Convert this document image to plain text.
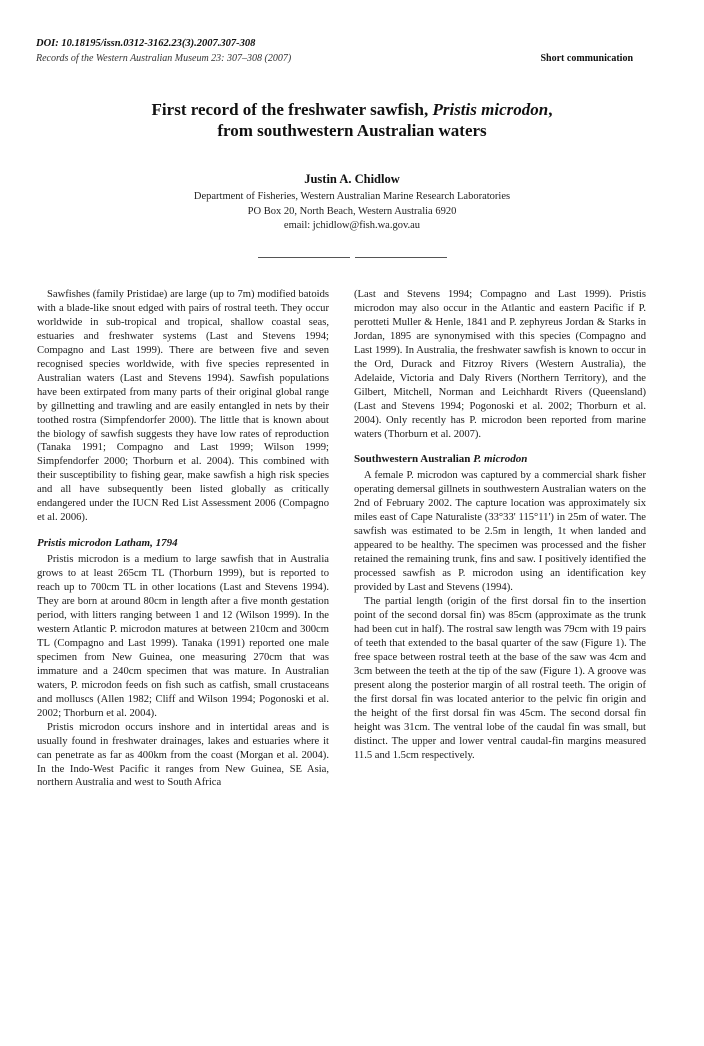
DOI: 10.18195/issn.0312-3162.23(3).2007.307-308
Records of the Western Australian Museum 23: 307–308 (2007)	Short communication
First record of the freshwater sawfish, Pristis microdon,
from southwestern Australian waters
Justin A. Chidlow
Department of Fisheries, Western Australian Marine Research Laboratories
PO Box 20, North Beach, Western Australia 6920
email: jchidlow@fish.wa.gov.au

Sawfishes (family Pristidae) are large (up to 7m) modified batoids with a blade-like snout edged with pairs of rostral teeth. They occur worldwide in sub-tropical and tropical, shallow coastal seas, estuaries and freshwater systems (Last and Stevens 1994; Compagno and Last 1999). There are between five and seven recognised species worldwide, with five species represented in Australian waters (Last and Stevens 1994). Sawfish populations have been extirpated from many parts of their original global range by gillnetting and trawling and are easily entangled in nets by their toothed rostra (Simpfendorfer 2000). The little that is known about the biology of sawfish suggests they have low rates of reproduction (Tanaka 1991; Compagno and Last 1999; Wilson 1999; Simpfendorfer 2000; Thorburn et al. 2004). This combined with their susceptibility to fishing gear, make sawfish a high risk species and all have subsequently been listed globally as critically endangered under the IUCN Red List Assessment 2006 (Compagno et al. 2006).

Pristis microdon Latham, 1794

Pristis microdon is a medium to large sawfish that in Australia grows to at least 265cm TL (Thorburn 1999), but is reported to reach up to 700cm TL in other locations (Last and Stevens 1994). They are born at around 80cm in length after a five month gestation period, with litters ranging between 1 and 12 (Wilson 1999). In the western Atlantic P. microdon matures at between 210cm and 300cm TL (Compagno and Last 1999). Tanaka (1991) reported one male specimen from New Guinea, one measuring 270cm that was immature and a 240cm specimen that was mature. In Australian waters, P. microdon feeds on fish such as catfish, small crustaceans and molluscs (Allen 1982; Cliff and Wilson 1994; Pogonoski et al. 2002; Thorburn et al. 2004).

Pristis microdon occurs inshore and in intertidal areas and is usually found in freshwater drainages, lakes and estuaries where it can penetrate as far as 400km from the coast (Morgan et al. 2004). In the Indo-West Pacific it ranges from New Guinea, SE Asia, northern Australia and west to South Africa

(Last and Stevens 1994; Compagno and Last 1999). Pristis microdon may also occur in the Atlantic and eastern Pacific if P. perotteti Muller & Henle, 1841 and P. zephyreus Jordan & Starks in Jordan, 1895 are synonymised with this species (Compagno and Last 1999). In Australia, the freshwater sawfish is known to occur in the Ord, Durack and Fitzroy Rivers (Western Australia), the Adelaide, Victoria and Daly Rivers (Northern Territory), and the Gilbert, Mitchell, Norman and Leichhardt Rivers (Queensland) (Last and Stevens 1994; Pogonoski et al. 2002; Thorburn et al. 2004). Only recently has P. microdon been reported from marine waters (Thorburn et al. 2007).

Southwestern Australian P. microdon

A female P. microdon was captured by a commercial shark fisher operating demersal gillnets in southwestern Australian waters on the 2nd of February 2002. The capture location was approximately six miles east of Cape Naturaliste (33°33' 115°11') in 25m of water. The sawfish was estimated to be 2.5m in length, 1t when landed and appeared to be healthy. The specimen was processed and the fisher retained the remaining trunk, fins and saw. I positively identified the processed sawfish as P. microdon using an identification key provided by Last and Stevens (1994).

The partial length (origin of the first dorsal fin to the insertion point of the second dorsal fin) was 85cm (approximate as the trunk had been cut in half). The rostral saw length was 79cm with 19 pairs of teeth that extended to the basal quarter of the saw (Figure 1). The free space between rostral teeth at the base of the saw was 4cm and 3cm between the teeth at the tip of the saw (Figure 1). A groove was present along the posterior margin of all rostral teeth. The origin of the first dorsal fin was located anterior to the pelvic fin origin and the height of the first dorsal fin was 45cm. The second dorsal fin height was 31cm. The ventral lobe of the caudal fin was small, but distinct. The upper and lower ventral caudal-fin margins measured 11.5 and 1.5cm respectively.
